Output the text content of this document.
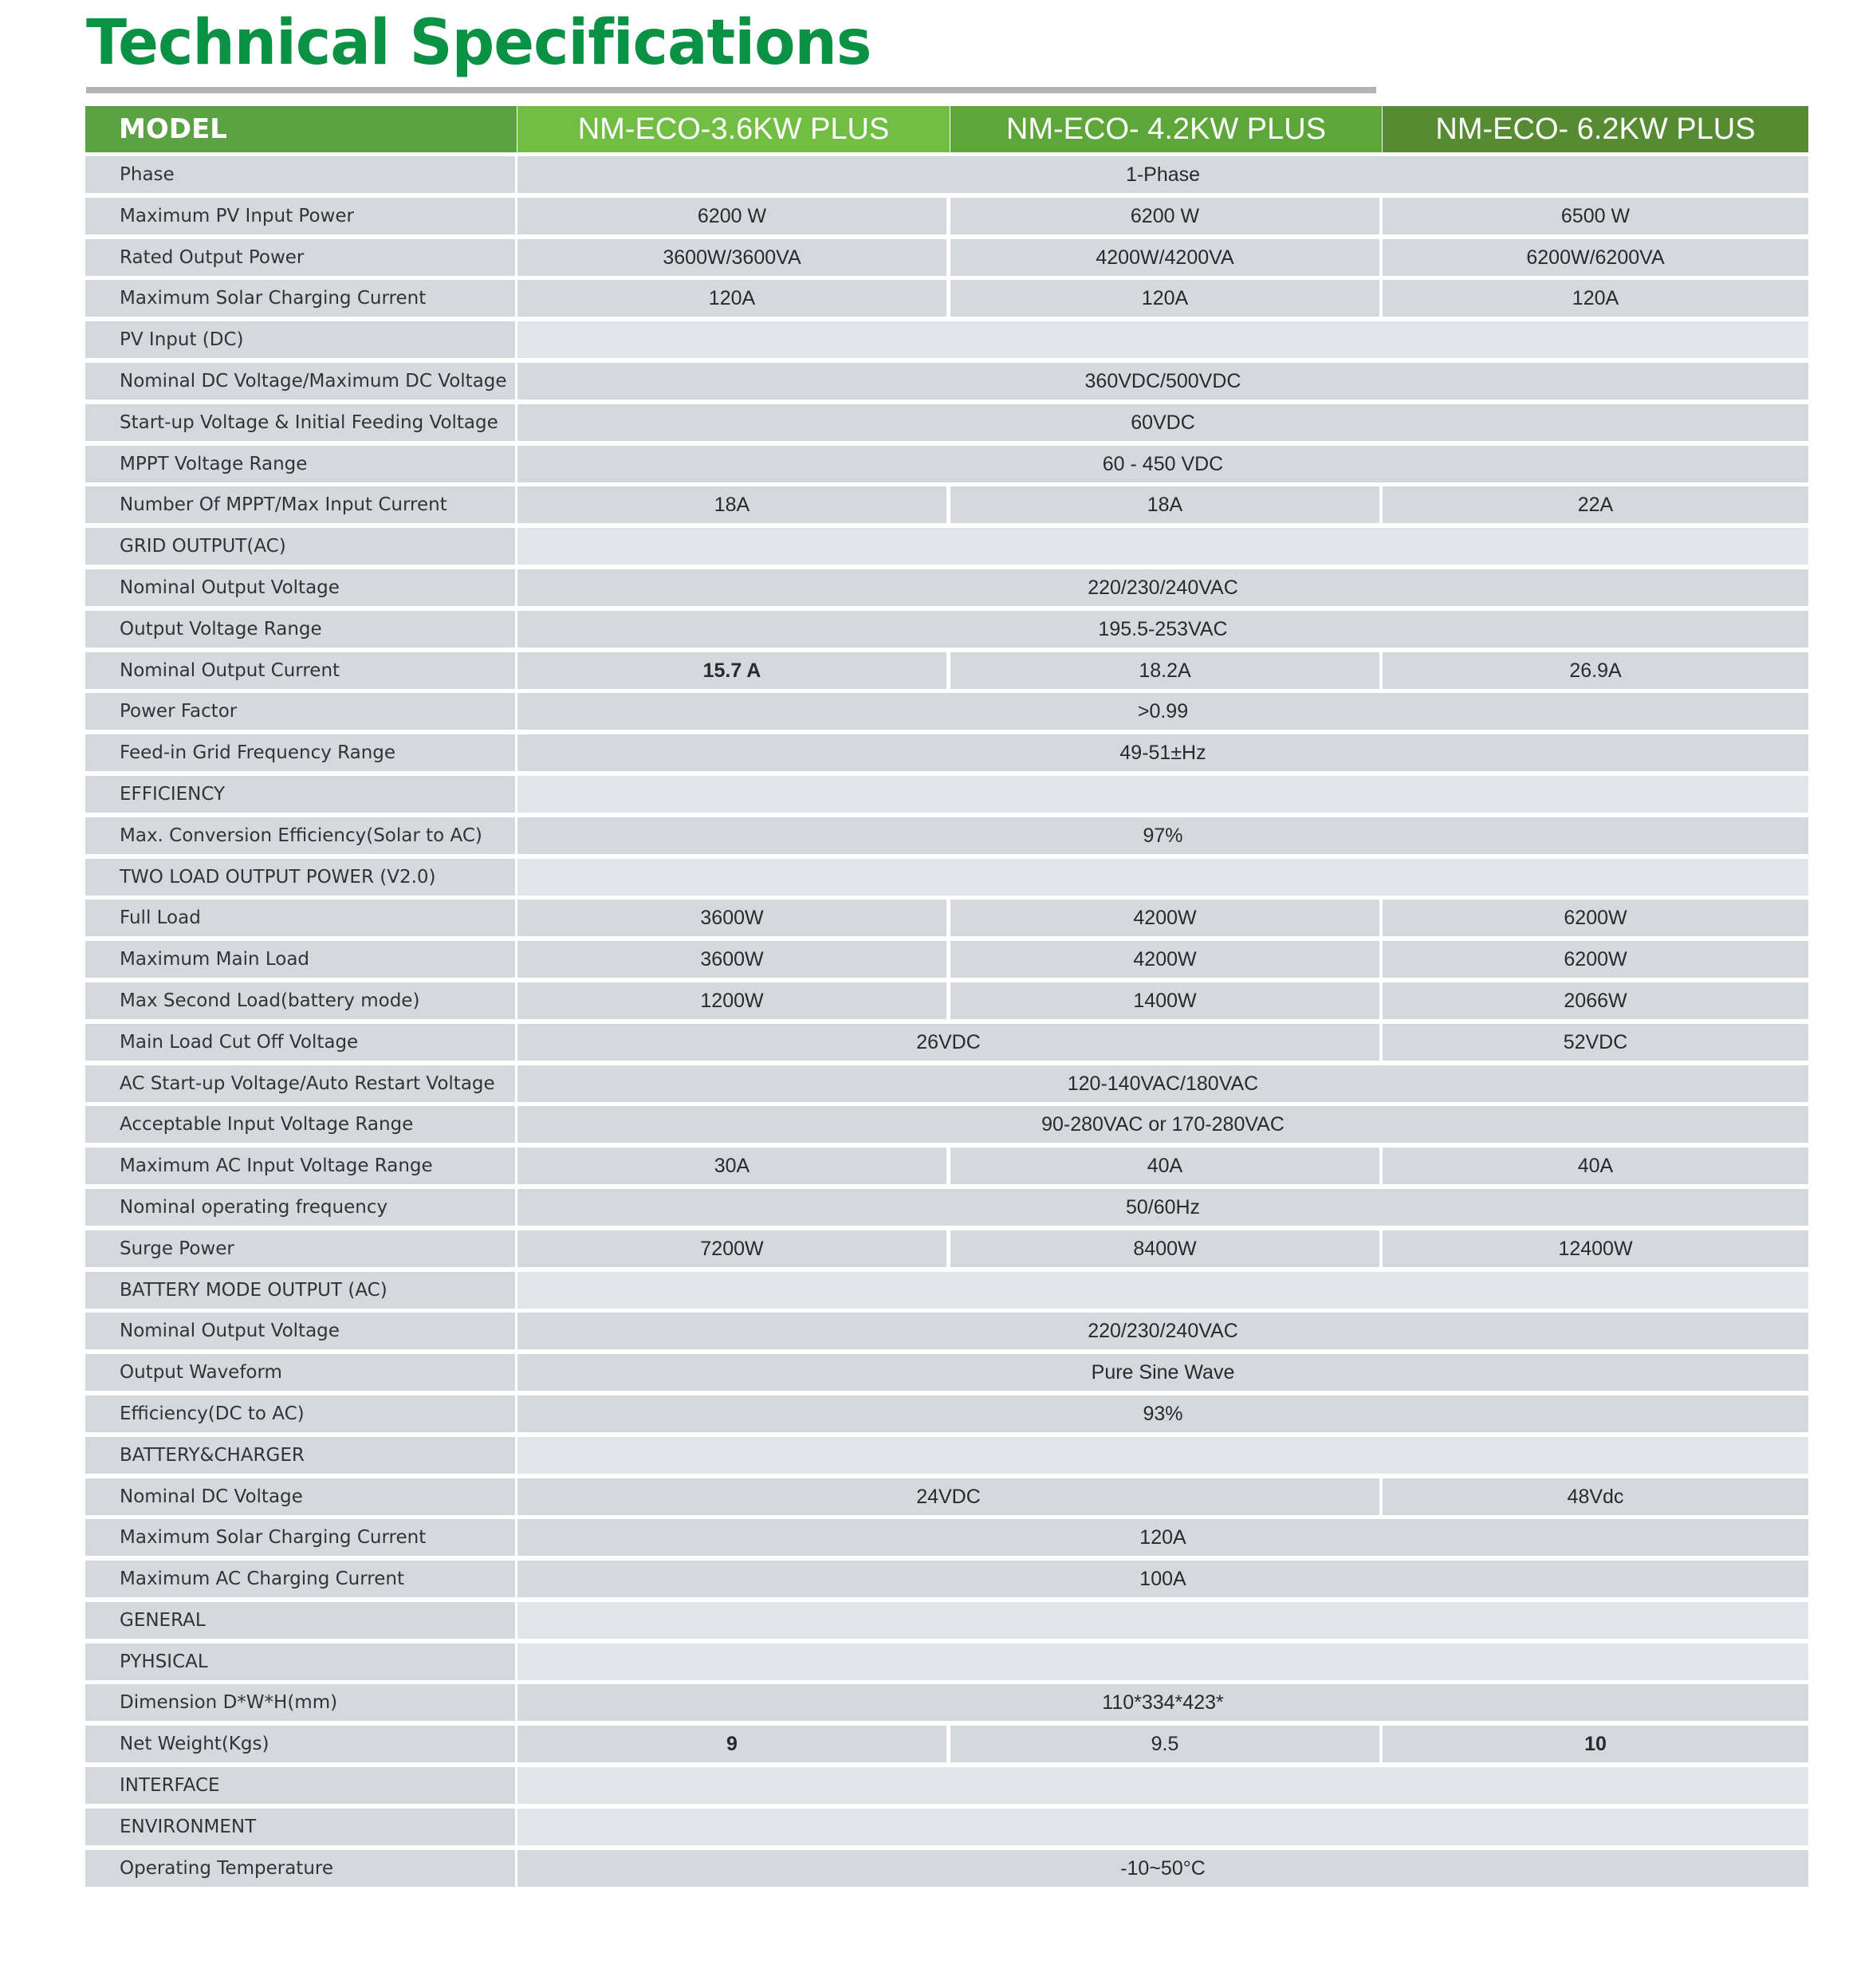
Technical Specifications
MODEL	NM-ECO-3.6KW PLUS	NM-ECO- 4.2KW PLUS	NM-ECO- 6.2KW PLUS
Phase	1-Phase
Maximum PV Input Power	6200 W	6200 W	6500 W
Rated Output Power	3600W/3600VA	4200W/4200VA	6200W/6200VA
Maximum Solar Charging Current	120A	120A	120A
PV Input (DC)
Nominal DC Voltage/Maximum DC Voltage	360VDC/500VDC
Start-up Voltage & Initial Feeding Voltage	60VDC
MPPT Voltage Range	60 - 450 VDC
Number Of MPPT/Max Input Current	18A	18A	22A
GRID OUTPUT(AC)
Nominal Output Voltage	220/230/240VAC
Output Voltage Range	195.5-253VAC
Nominal Output Current	15.7 A	18.2A	26.9A
Power Factor	>0.99
Feed-in Grid Frequency Range	49-51±Hz
EFFICIENCY
Max. Conversion Efficiency(Solar to AC)	97%
TWO LOAD OUTPUT POWER (V2.0)
Full Load	3600W	4200W	6200W
Maximum Main Load	3600W	4200W	6200W
Max Second Load(battery mode)	1200W	1400W	2066W
Main Load Cut Off Voltage	26VDC	52VDC
AC Start-up Voltage/Auto Restart Voltage	120-140VAC/180VAC
Acceptable Input Voltage Range	90-280VAC or 170-280VAC
Maximum AC Input Voltage Range	30A	40A	40A
Nominal operating frequency	50/60Hz
Surge Power	7200W	8400W	12400W
BATTERY MODE OUTPUT (AC)
Nominal Output Voltage	220/230/240VAC
Output Waveform	Pure Sine Wave
Efficiency(DC to AC)	93%
BATTERY&CHARGER
Nominal DC Voltage	24VDC	48Vdc
Maximum Solar Charging Current	120A
Maximum AC Charging Current	100A
GENERAL
PYHSICAL
Dimension D*W*H(mm)	110*334*423*
Net Weight(Kgs)	9	9.5	10
INTERFACE
ENVIRONMENT
Operating Temperature	-10~50°C
